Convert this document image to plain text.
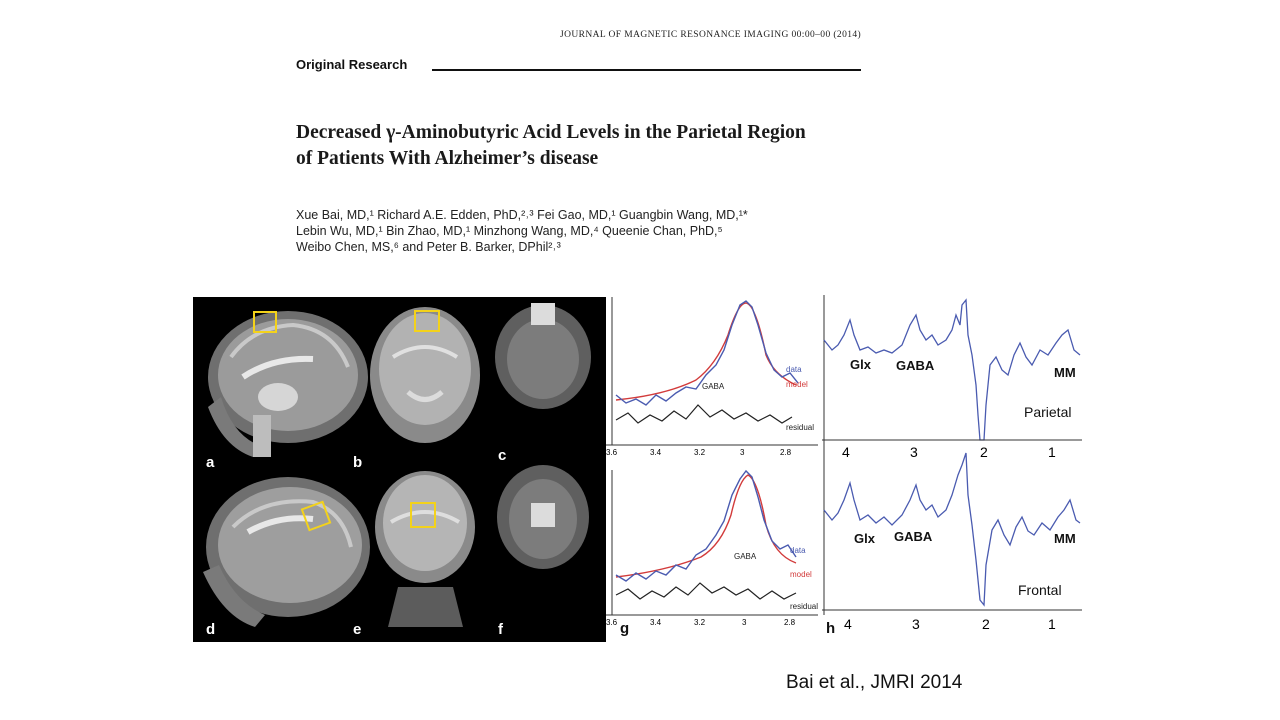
JOURNAL OF MAGNETIC RESONANCE IMAGING 00:00–00 (2014)
Original Research
Decreased γ-Aminobutyric Acid Levels in the Parietal Region of Patients With Alzheimer’s disease
Xue Bai, MD,¹ Richard A.E. Edden, PhD,²˒³ Fei Gao, MD,¹ Guangbin Wang, MD,¹*
Lebin Wu, MD,¹ Bin Zhao, MD,¹ Minzhong Wang, MD,⁴ Queenie Chan, PhD,⁵
Weibo Chen, MS,⁶ and Peter B. Barker, DPhil²˒³
a	b	c
d	e	f
data
model
GABA
residual
3.6	3.4	3.2	3	2.8
data
model
GABA
residual
3.6	3.4	3.2	3	2.8
g
Glx GABA	MM
Parietal
4	3	2	1
Glx GABA	MM
Frontal
4	3	2	1
h
Bai et al., JMRI 2014
